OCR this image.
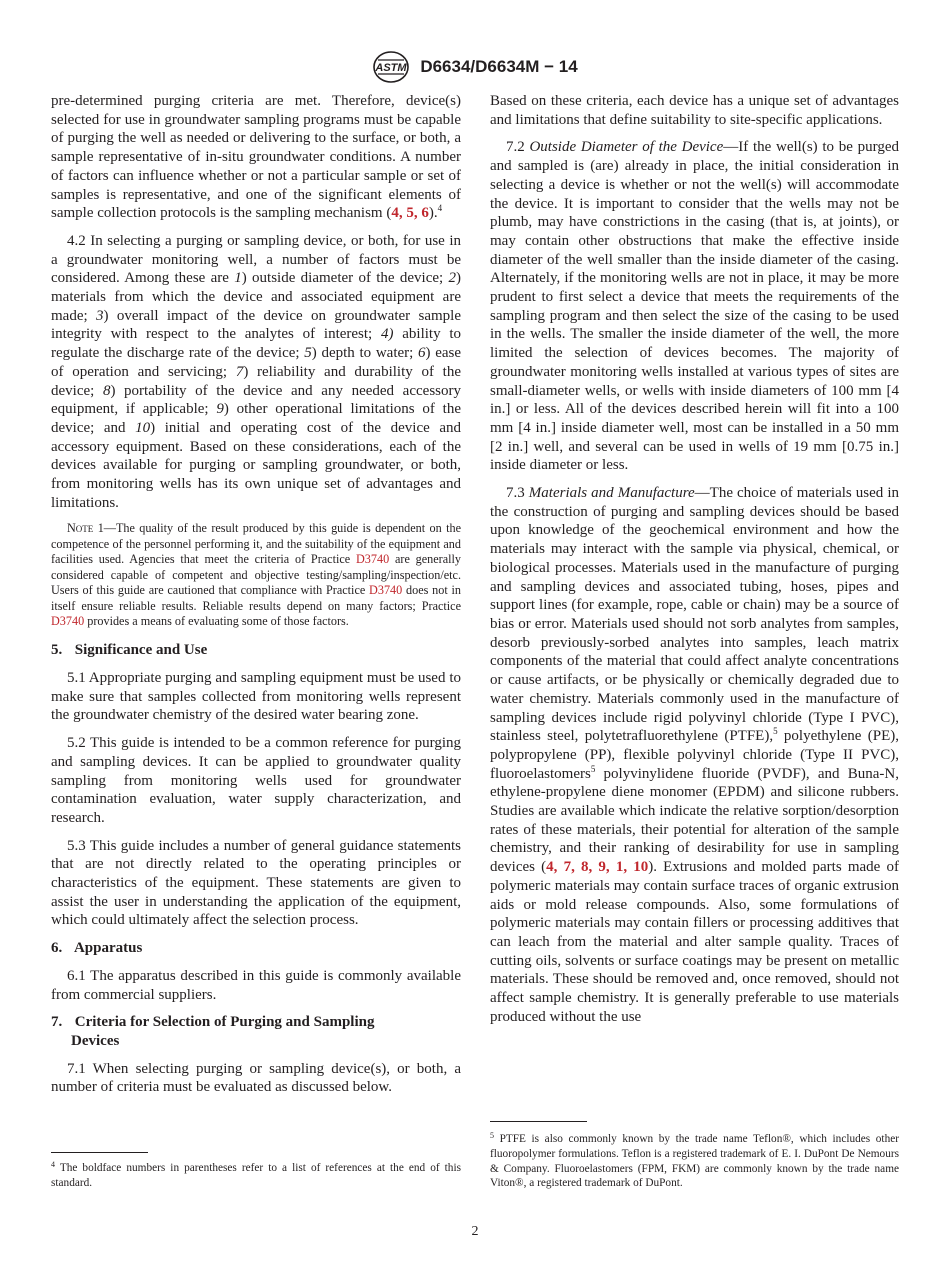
ASTM D6634/D6634M − 14

pre-determined purging criteria are met. Therefore, device(s) selected for use in groundwater sampling programs must be capable of purging the well as needed or delivering to the surface, or both, a sample representative of in-situ groundwater conditions. A number of factors can influence whether or not a particular sample or set of samples is representative, and one of the significant elements of sample collection protocols is the sampling mechanism (4, 5, 6).$^4$

4.2 In selecting a purging or sampling device, or both, for use in a groundwater monitoring well, a number of factors must be considered. Among these are 1) outside diameter of the device; 2) materials from which the device and associated equipment are made; 3) overall impact of the device on groundwater sample integrity with respect to the analytes of interest; 4) ability to regulate the discharge rate of the device; 5) depth to water; 6) ease of operation and servicing; 7) reliability and durability of the device; 8) portability of the device and any needed accessory equipment, if applicable; 9) other operational limitations of the device; and 10) initial and operating cost of the device and accessory equipment. Based on these considerations, each of the devices available for purging or sampling groundwater, or both, from monitoring wells has its own unique set of advantages and limitations.

Note 1—The quality of the result produced by this guide is dependent on the competence of the personnel performing it, and the suitability of the equipment and facilities used. Agencies that meet the criteria of Practice D3740 are generally considered capable of competent and objective testing/sampling/inspection/etc. Users of this guide are cautioned that compliance with Practice D3740 does not in itself ensure reliable results. Reliable results depend on many factors; Practice D3740 provides a means of evaluating some of those factors.
5. Significance and Use

5.1 Appropriate purging and sampling equipment must be used to make sure that samples collected from monitoring wells represent the groundwater chemistry of the desired water bearing zone.

5.2 This guide is intended to be a common reference for purging and sampling devices. It can be applied to groundwater quality sampling from monitoring wells used for groundwater contamination evaluation, water supply characterization, and research.

5.3 This guide includes a number of general guidance statements that are not directly related to the operating principles or characteristics of the equipment. These statements are given to assist the user in understanding the application of the equipment, which could ultimately affect the selection process.

6. Apparatus

6.1 The apparatus described in this guide is commonly available from commercial suppliers.

7. Criteria for Selection of Purging and Sampling
Devices

7.1 When selecting purging or sampling device(s), or both, a number of criteria must be evaluated as discussed below.

$^4$ The boldface numbers in parentheses refer to a list of references at the end of this standard.

Based on these criteria, each device has a unique set of advantages and limitations that define suitability to site-specific applications.

7.2 Outside Diameter of the Device—If the well(s) to be purged and sampled is (are) already in place, the initial consideration in selecting a device is whether or not the well(s) will accommodate the device. It is important to consider that the wells may not be plumb, may have constrictions in the casing (that is, at joints), or may contain other obstructions that make the effective inside diameter of the well smaller than the inside diameter of the casing. Alternately, if the monitoring wells are not in place, it may be more prudent to first select a device that meets the requirements of the sampling program and then select the size of the casing to be used in the wells. The smaller the inside diameter of the well, the more limited the selection of devices becomes. The majority of groundwater monitoring wells installed at various types of sites are small-diameter wells, or wells with inside diameters of 100 mm [4 in.] or less. All of the devices described herein will fit into a 100 mm [4 in.] inside diameter well, most can be installed in a 50 mm [2 in.] well, and several can be used in wells of 19 mm [0.75 in.] inside diameter or less.

7.3 Materials and Manufacture—The choice of materials used in the construction of purging and sampling devices should be based upon knowledge of the geochemical environment and how the materials may interact with the sample via physical, chemical, or biological processes. Materials used in the manufacture of purging and sampling devices and associated tubing, hoses, pipes and support lines (for example, rope, cable or chain) may be a source of bias or error. Materials used should not sorb analytes from samples, desorb previously-sorbed analytes into samples, leach matrix components of the material that could affect analyte concentrations or cause artifacts, or be physically or chemically degraded due to water chemistry. Materials commonly used in the manufacture of sampling devices include rigid polyvinyl chloride (Type I PVC), stainless steel, polytetrafluorethylene (PTFE),$^5$ polyethylene (PE), polypropylene (PP), flexible polyvinyl chloride (Type II PVC), fluoroelastomers$^5$ polyvinylidene fluoride (PVDF), and Buna-N, ethylene-propylene diene monomer (EPDM) and silicone rubbers. Studies are available which indicate the relative sorption/desorption rates of these materials, their potential for alteration of the sample chemistry, and their ranking of desirability for use in sampling devices (4, 7, 8, 9, 1, 10). Extrusions and molded parts made of polymeric materials may contain surface traces of organic extrusion aids or mold release compounds. Also, some formulations of polymeric materials may contain fillers or processing additives that can leach from the material and alter sample quality. Traces of cutting oils, solvents or surface coatings may be present on metallic materials. These should be removed and, once removed, should not affect sample chemistry. It is generally preferable to use materials produced without the use

$^5$ PTFE is also commonly known by the trade name Teflon®, which includes other fluoropolymer formulations. Teflon is a registered trademark of E. I. DuPont De Nemours & Company. Fluoroelastomers (FPM, FKM) are commonly known by the trade name Viton®, a registered trademark of DuPont.
2
